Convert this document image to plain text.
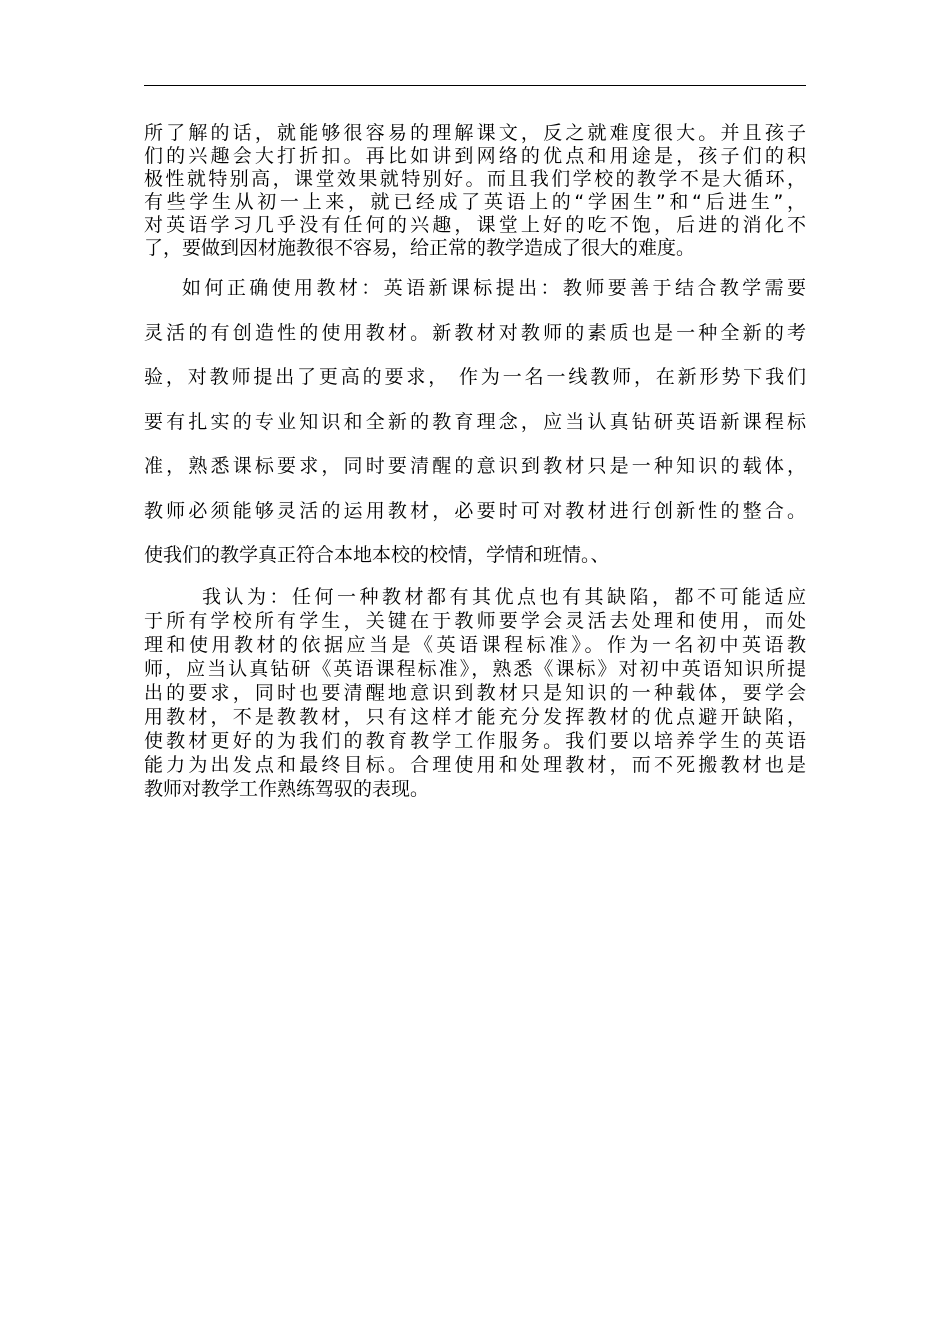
所了解的话，就能够很容易的理解课文，反之就难度很大。并且孩子
们的兴趣会大打折扣。再比如讲到网络的优点和用途是，孩子们的积
极性就特别高，课堂效果就特别好。而且我们学校的教学不是大循环，
有些学生从初一上来，就已经成了英语上的“学困生”和“后进生”，
对英语学习几乎没有任何的兴趣，课堂上好的吃不饱，后进的消化不
了，要做到因材施教很不容易，给正常的教学造成了很大的难度。
如何正确使用教材：英语新课标提出：教师要善于结合教学需要
灵活的有创造性的使用教材。新教材对教师的素质也是一种全新的考
验，对教师提出了更高的要求， 作为一名一线教师，在新形势下我们
要有扎实的专业知识和全新的教育理念，应当认真钻研英语新课程标
准，熟悉课标要求，同时要清醒的意识到教材只是一种知识的载体，
教师必须能够灵活的运用教材，必要时可对教材进行创新性的整合。
使我们的教学真正符合本地本校的校情，学情和班情。、
我认为：任何一种教材都有其优点也有其缺陷，都不可能适应
于所有学校所有学生，关键在于教师要学会灵活去处理和使用，而处
理和使用教材的依据应当是《英语课程标准》。作为一名初中英语教
师，应当认真钻研《英语课程标准》，熟悉《课标》对初中英语知识所提
出的要求，同时也要清醒地意识到教材只是知识的一种载体，要学会
用教材，不是教教材，只有这样才能充分发挥教材的优点避开缺陷，
使教材更好的为我们的教育教学工作服务。我们要以培养学生的英语
能力为出发点和最终目标。合理使用和处理教材，而不死搬教材也是
教师对教学工作熟练驾驭的表现。
